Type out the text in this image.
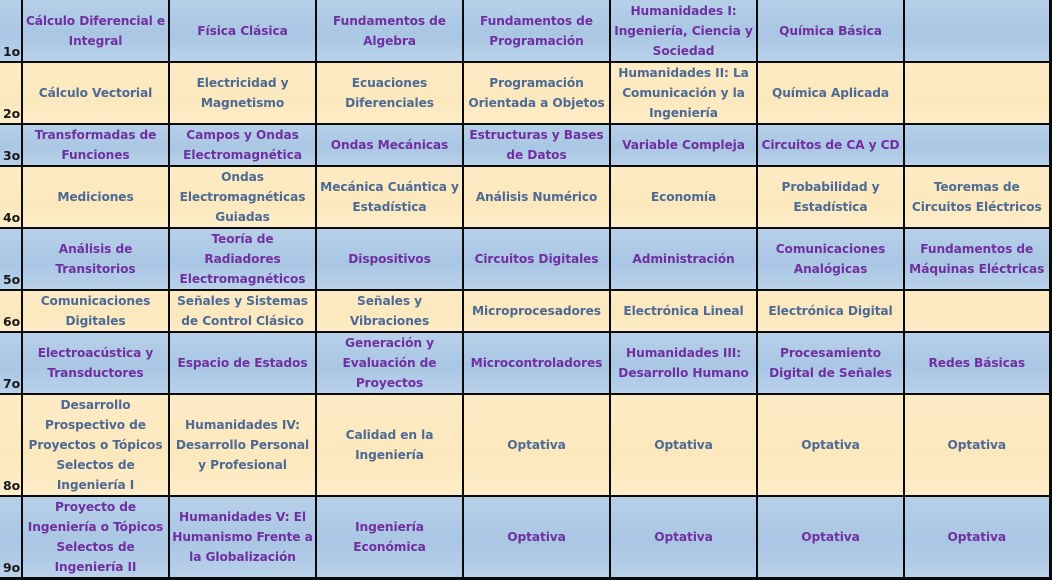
1o	Cálculo Diferencial e Integral	Física Clásica	Fundamentos de Algebra	Fundamentos de Programación	Humanidades I: Ingeniería, Ciencia y Sociedad	Química Básica	
2o	Cálculo Vectorial	Electricidad y Magnetismo	Ecuaciones Diferenciales	Programación Orientada a Objetos	Humanidades II: La Comunicación y la Ingeniería	Química Aplicada	
3o	Transformadas de Funciones	Campos y Ondas Electromagnética	Ondas Mecánicas	Estructuras y Bases de Datos	Variable Compleja	Circuitos de CA y CD	
4o	Mediciones	Ondas Electromagnéticas Guiadas	Mecánica Cuántica y Estadística	Análisis Numérico	Economía	Probabilidad y Estadística	Teoremas de Circuitos Eléctricos
5o	Análisis de Transitorios	Teoría de Radiadores Electromagnéticos	Dispositivos	Circuitos Digitales	Administración	Comunicaciones Analógicas	Fundamentos de Máquinas Eléctricas
6o	Comunicaciones Digitales	Señales y Sistemas de Control Clásico	Señales y Vibraciones	Microprocesadores	Electrónica Lineal	Electrónica Digital	
7o	Electroacústica y Transductores	Espacio de Estados	Generación y Evaluación de Proyectos	Microcontroladores	Humanidades III: Desarrollo Humano	Procesamiento Digital de Señales	Redes Básicas
8o	Desarrollo Prospectivo de Proyectos o Tópicos Selectos de Ingeniería I	Humanidades IV: Desarrollo Personal y Profesional	Calidad en la Ingeniería	Optativa	Optativa	Optativa	Optativa
9o	Proyecto de Ingeniería o Tópicos Selectos de Ingeniería II	Humanidades V: El Humanismo Frente a la Globalización	Ingeniería Económica	Optativa	Optativa	Optativa	Optativa
